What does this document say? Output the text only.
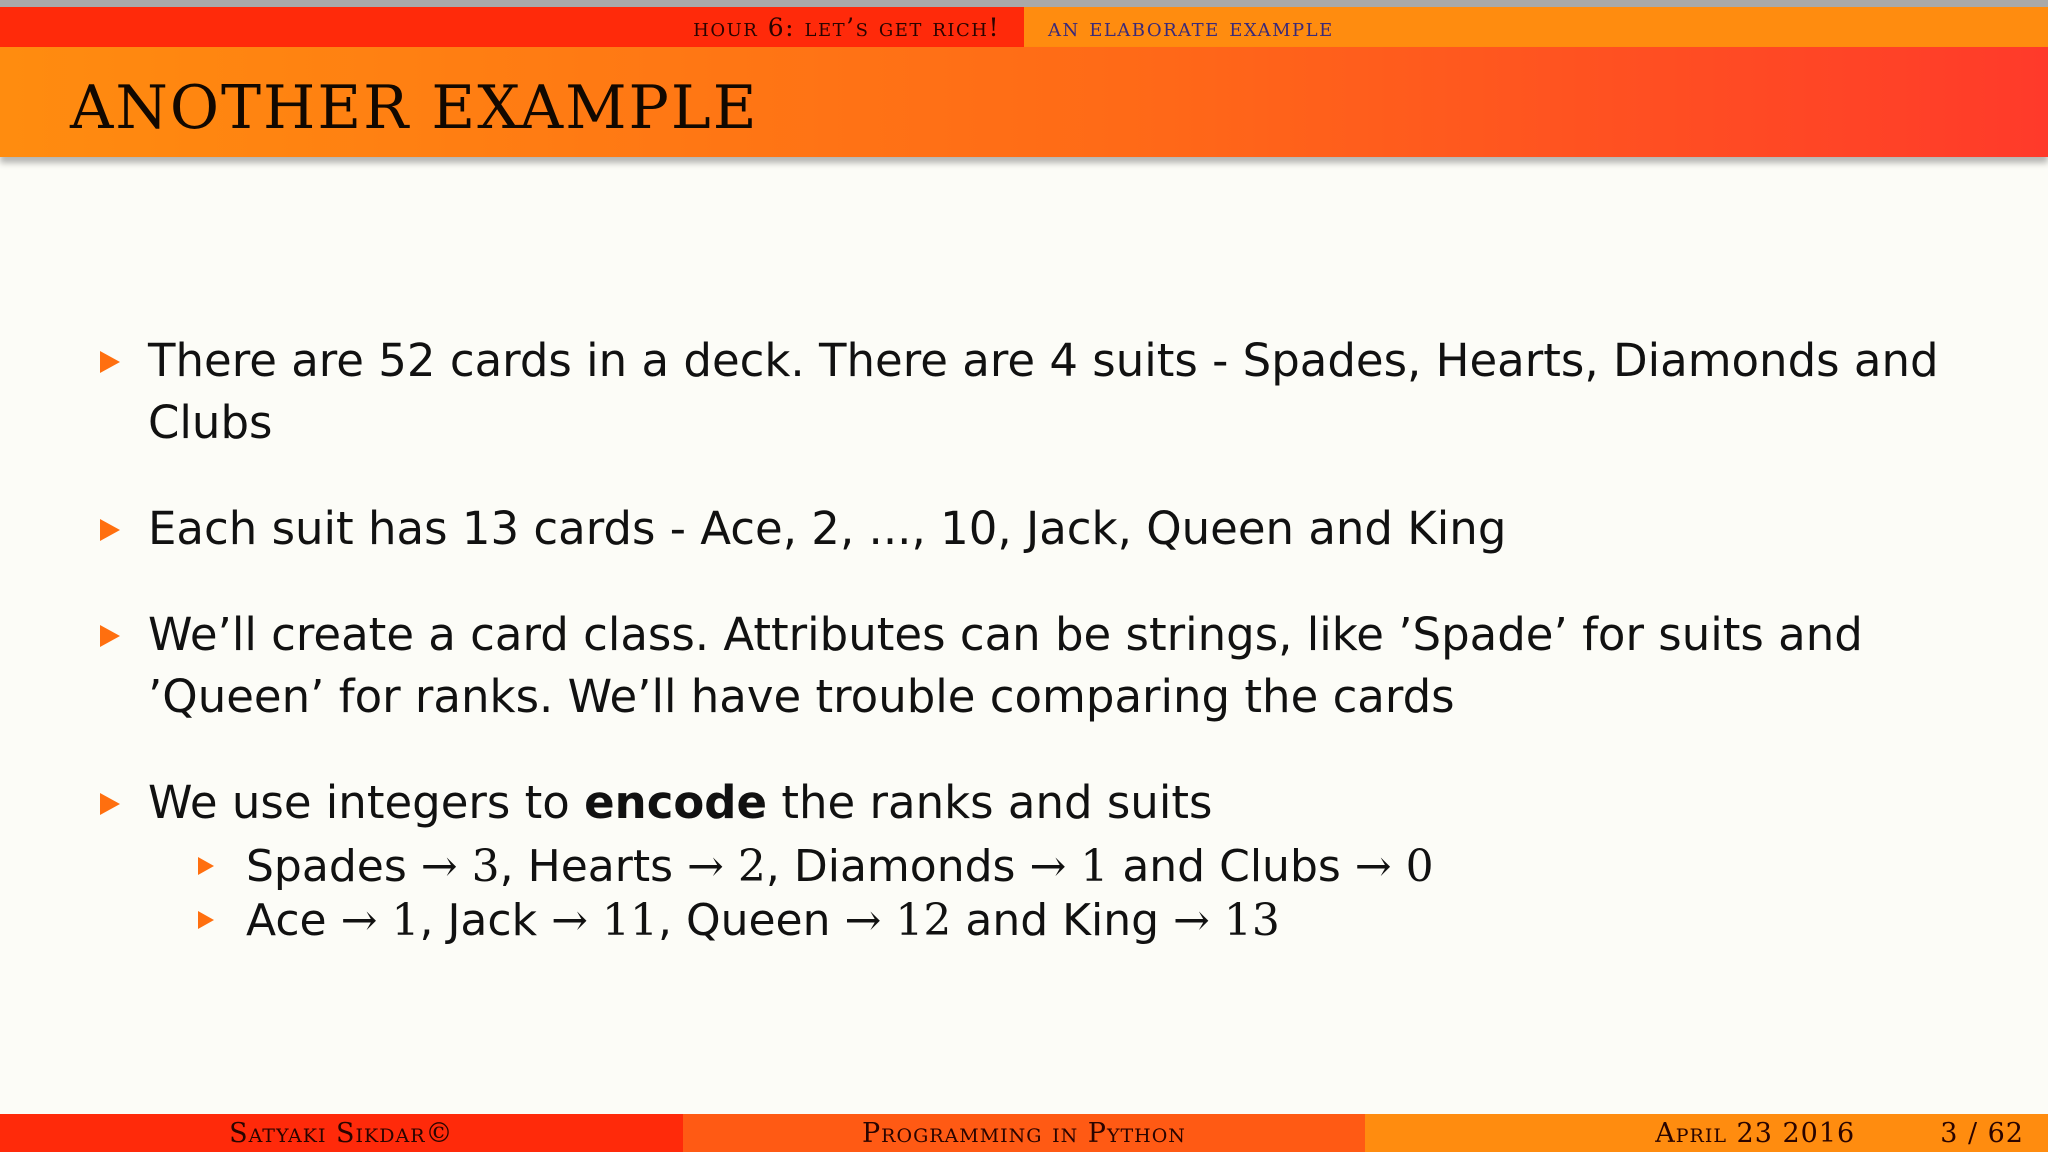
hour 6: let’s get rich! an elaborate example
ANOTHER EXAMPLE
There are 52 cards in a deck. There are 4 suits - Spades, Hearts, Diamonds and Clubs
Each suit has 13 cards - Ace, 2, ..., 10, Jack, Queen and King
We’ll create a card class. Attributes can be strings, like ’Spade’ for suits and ’Queen’ for ranks. We’ll have trouble comparing the cards
We use integers to encode the ranks and suits
Spades → 3, Hearts → 2, Diamonds → 1 and Clubs → 0
Ace → 1, Jack → 11, Queen → 12 and King → 13
Satyaki Sikdar©	Programming in Python	April 23 2016	3 / 62
